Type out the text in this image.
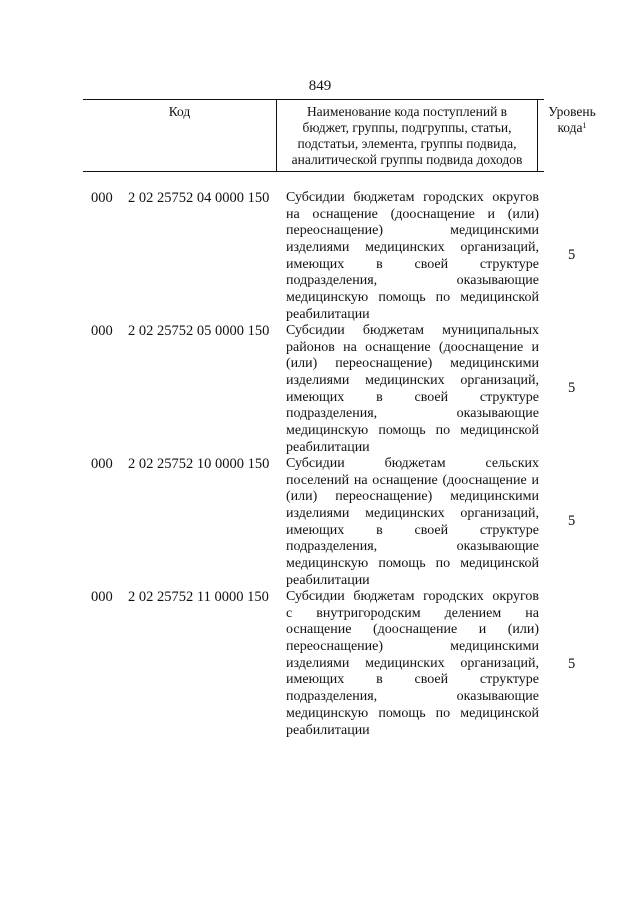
849
Код	Наименование кода поступлений в
бюджет, группы, подгруппы, статьи,
подстатьи, элемента, группы подвида,
аналитической группы подвида доходов
Уровень
кода$^1$
000 2 02 25752 04 0000 150 Субсидии бюджетам городских округов
на оснащение (дооснащение и (или)
переоснащение) медицинскими
изделиями медицинских организаций,
имеющих в своей структуре
подразделения, оказывающие
медицинскую помощь по медицинской
реабилитации
5
000 2 02 25752 05 0000 150 Субсидии бюджетам муниципальных
районов на оснащение (дооснащение и
(или) переоснащение) медицинскими
изделиями медицинских организаций,
имеющих в своей структуре
подразделения, оказывающие
медицинскую помощь по медицинской
реабилитации
5
000 2 02 25752 10 0000 150 Субсидии бюджетам сельских
поселений на оснащение (дооснащение и
(или) переоснащение) медицинскими
изделиями медицинских организаций,
имеющих в своей структуре
подразделения, оказывающие
медицинскую помощь по медицинской
реабилитации
5
000 2 02 25752 11 0000 150 Субсидии бюджетам городских округов
с внутригородским делением на
оснащение (дооснащение и (или)
переоснащение) медицинскими
изделиями медицинских организаций,
имеющих в своей структуре
подразделения, оказывающие
медицинскую помощь по медицинской
реабилитации
5
